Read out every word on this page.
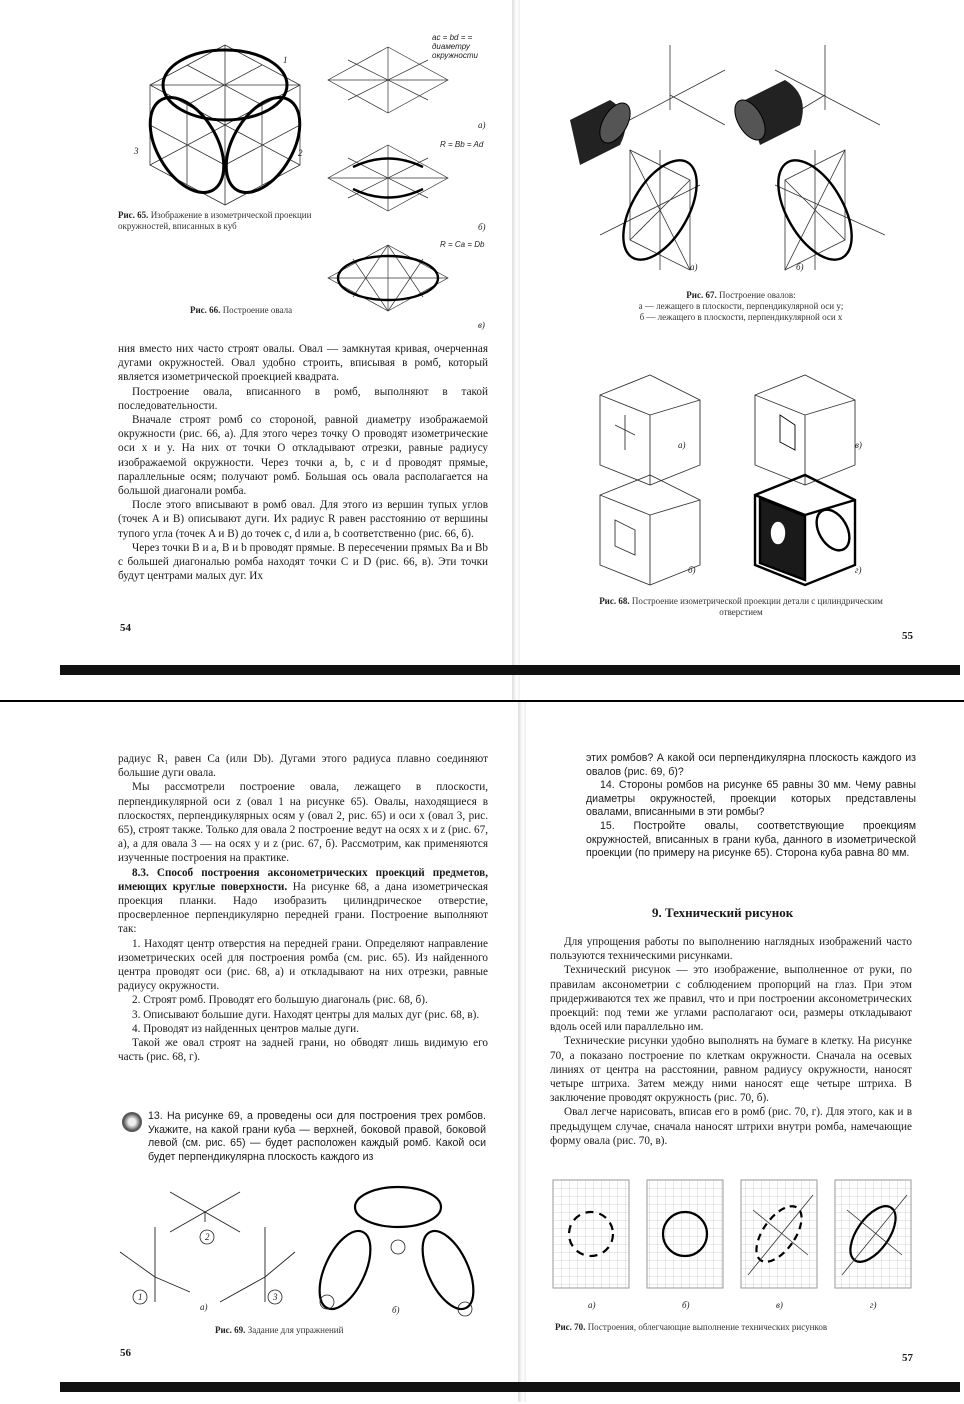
1
2
3
Рис. 65. Изображение в изометрической проекции окружностей, вписанных в куб
ac = bd = = диаметру окружности
R = Bb = Ad
R = Ca = Db
а)
б)
в)
Рис. 66. Построение овала

ния вместо них часто строят овалы. Овал — замкнутая кривая, очерченная дугами окружностей. Овал удобно строить, вписывая в ромб, который является изометрической проекцией квадрата.

Построение овала, вписанного в ромб, выполняют в такой последовательности.

Вначале строят ромб со стороной, равной диаметру изображаемой окружности (рис. 66, а). Для этого через точку O проводят изометрические оси x и y. На них от точки O откладывают отрезки, равные радиусу изображаемой окружности. Через точки a, b, c и d проводят прямые, параллельные осям; получают ромб. Большая ось овала располагается на большой диагонали ромба.

После этого вписывают в ромб овал. Для этого из вершин тупых углов (точек A и B) описывают дуги. Их радиус R равен расстоянию от вершины тупого угла (точек A и B) до точек c, d или a, b соответственно (рис. 66, б).

Через точки B и a, B и b проводят прямые. В пересечении прямых Ba и Bb с большей диагональю ромба находят точки C и D (рис. 66, в). Эти точки будут центрами малых дуг. Их

54
а)	б)
Рис. 67. Построение овалов:
а — лежащего в плоскости, перпендикулярной оси y;
б — лежащего в плоскости, перпендикулярной оси x
а)
б)
в)
г)
Рис. 68. Построение изометрической проекции детали с цилиндрическим отверстием
55

радиус R₁ равен Ca (или Db). Дугами этого радиуса плавно соединяют большие дуги овала.

Мы рассмотрели построение овала, лежащего в плоскости, перпендикулярной оси z (овал 1 на рисунке 65). Овалы, находящиеся в плоскостях, перпендикулярных осям y (овал 2, рис. 65) и оси x (овал 3, рис. 65), строят также. Только для овала 2 построение ведут на осях x и z (рис. 67, а), а для овала 3 — на осях y и z (рис. 67, б). Рассмотрим, как применяются изученные построения на практике.

8.3. Способ построения аксонометрических проекций предметов, имеющих круглые поверхности. На рисунке 68, а дана изометрическая проекция планки. Надо изобразить цилиндрическое отверстие, просверленное перпендикулярно передней грани. Построение выполняют так:

1. Находят центр отверстия на передней грани. Определяют направление изометрических осей для построения ромба (см. рис. 65). Из найденного центра проводят оси (рис. 68, а) и откладывают на них отрезки, равные радиусу окружности.

2. Строят ромб. Проводят его большую диагональ (рис. 68, б).

3. Описывают большие дуги. Находят центры для малых дуг (рис. 68, в).

4. Проводят из найденных центров малые дуги.

Такой же овал строят на задней грани, но обводят лишь видимую его часть (рис. 68, г).

13. На рисунке 69, а проведены оси для построения трех ромбов. Укажите, на какой грани куба — верхней, боковой правой, боковой левой (см. рис. 65) — будет расположен каждый ромб. Какой оси будет перпендикулярна плоскость каждого из
1
2
3
а)	б)
Рис. 69. Задание для упражнений
56

этих ромбов? А какой оси перпендикулярна плоскость каждого из овалов (рис. 69, б)?

14. Стороны ромбов на рисунке 65 равны 30 мм. Чему равны диаметры окружностей, проекции которых представлены овалами, вписанными в эти ромбы?

15. Постройте овалы, соответствующие проекциям окружностей, вписанных в грани куба, данного в изометрической проекции (по примеру на рисунке 65). Сторона куба равна 80 мм.

9. Технический рисунок

Для упрощения работы по выполнению наглядных изображений часто пользуются техническими рисунками.

Технический рисунок — это изображение, выполненное от руки, по правилам аксонометрии с соблюдением пропорций на глаз. При этом придерживаются тех же правил, что и при построении аксонометрических проекций: под теми же углами располагают оси, размеры откладывают вдоль осей или параллельно им.

Технические рисунки удобно выполнять на бумаге в клетку. На рисунке 70, а показано построение по клеткам окружности. Сначала на осевых линиях от центра на расстоянии, равном радиусу окружности, наносят четыре штриха. Затем между ними наносят еще четыре штриха. В заключение проводят окружность (рис. 70, б).

Овал легче нарисовать, вписав его в ромб (рис. 70, г). Для этого, как и в предыдущем случае, сначала наносят штрихи внутри ромба, намечающие форму овала (рис. 70, в).

а)	б)	в)	г)
Рис. 70. Построения, облегчающие выполнение технических рисунков
57
